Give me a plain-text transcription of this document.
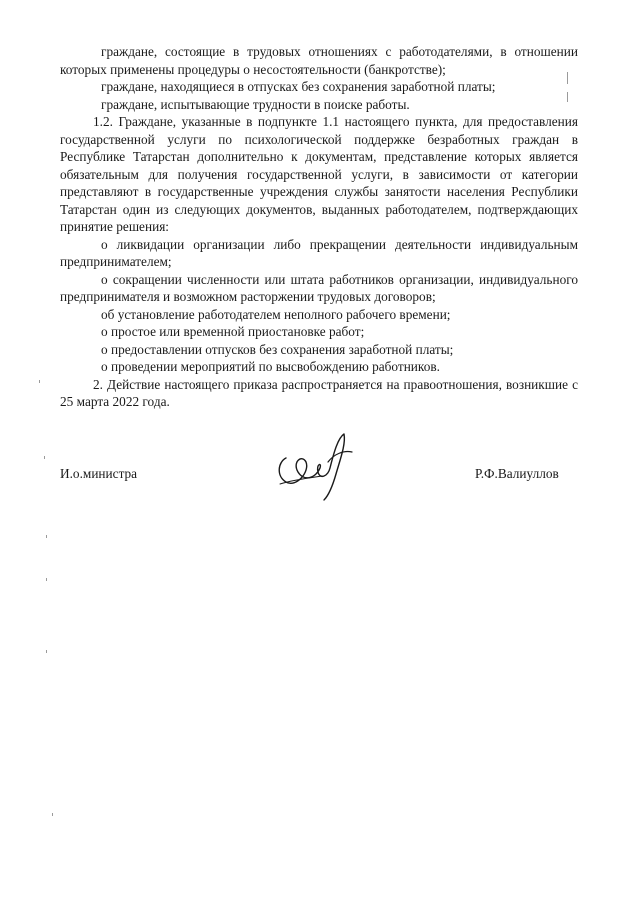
граждане, состоящие в трудовых отношениях с работодателями, в отношении которых применены процедуры о несостоятельности (банкротстве);

граждане, находящиеся в отпусках без сохранения заработной платы;

граждане, испытывающие трудности в поиске работы.

1.2. Граждане, указанные в подпункте 1.1 настоящего пункта, для предоставления государственной услуги по психологической поддержке безработных граждан в Республике Татарстан дополнительно к документам, представление которых является обязательным для получения государственной услуги, в зависимости от категории представляют в государственные учреждения службы занятости населения Республики Татарстан один из следующих документов, выданных работодателем, подтверждающих принятие решения:

о ликвидации организации либо прекращении деятельности индивидуальным предпринимателем;

о сокращении численности или штата работников организации, индивидуального предпринимателя и возможном расторжении трудовых договоров;

об установление работодателем неполного рабочего времени;

о простое или временной приостановке работ;

о предоставлении отпусков без сохранения заработной платы;

о проведении мероприятий по высвобождению работников.

2. Действие настоящего приказа распространяется на правоотношения, возникшие с 25 марта 2022 года.

И.о.министра	Р.Ф.Валиуллов
